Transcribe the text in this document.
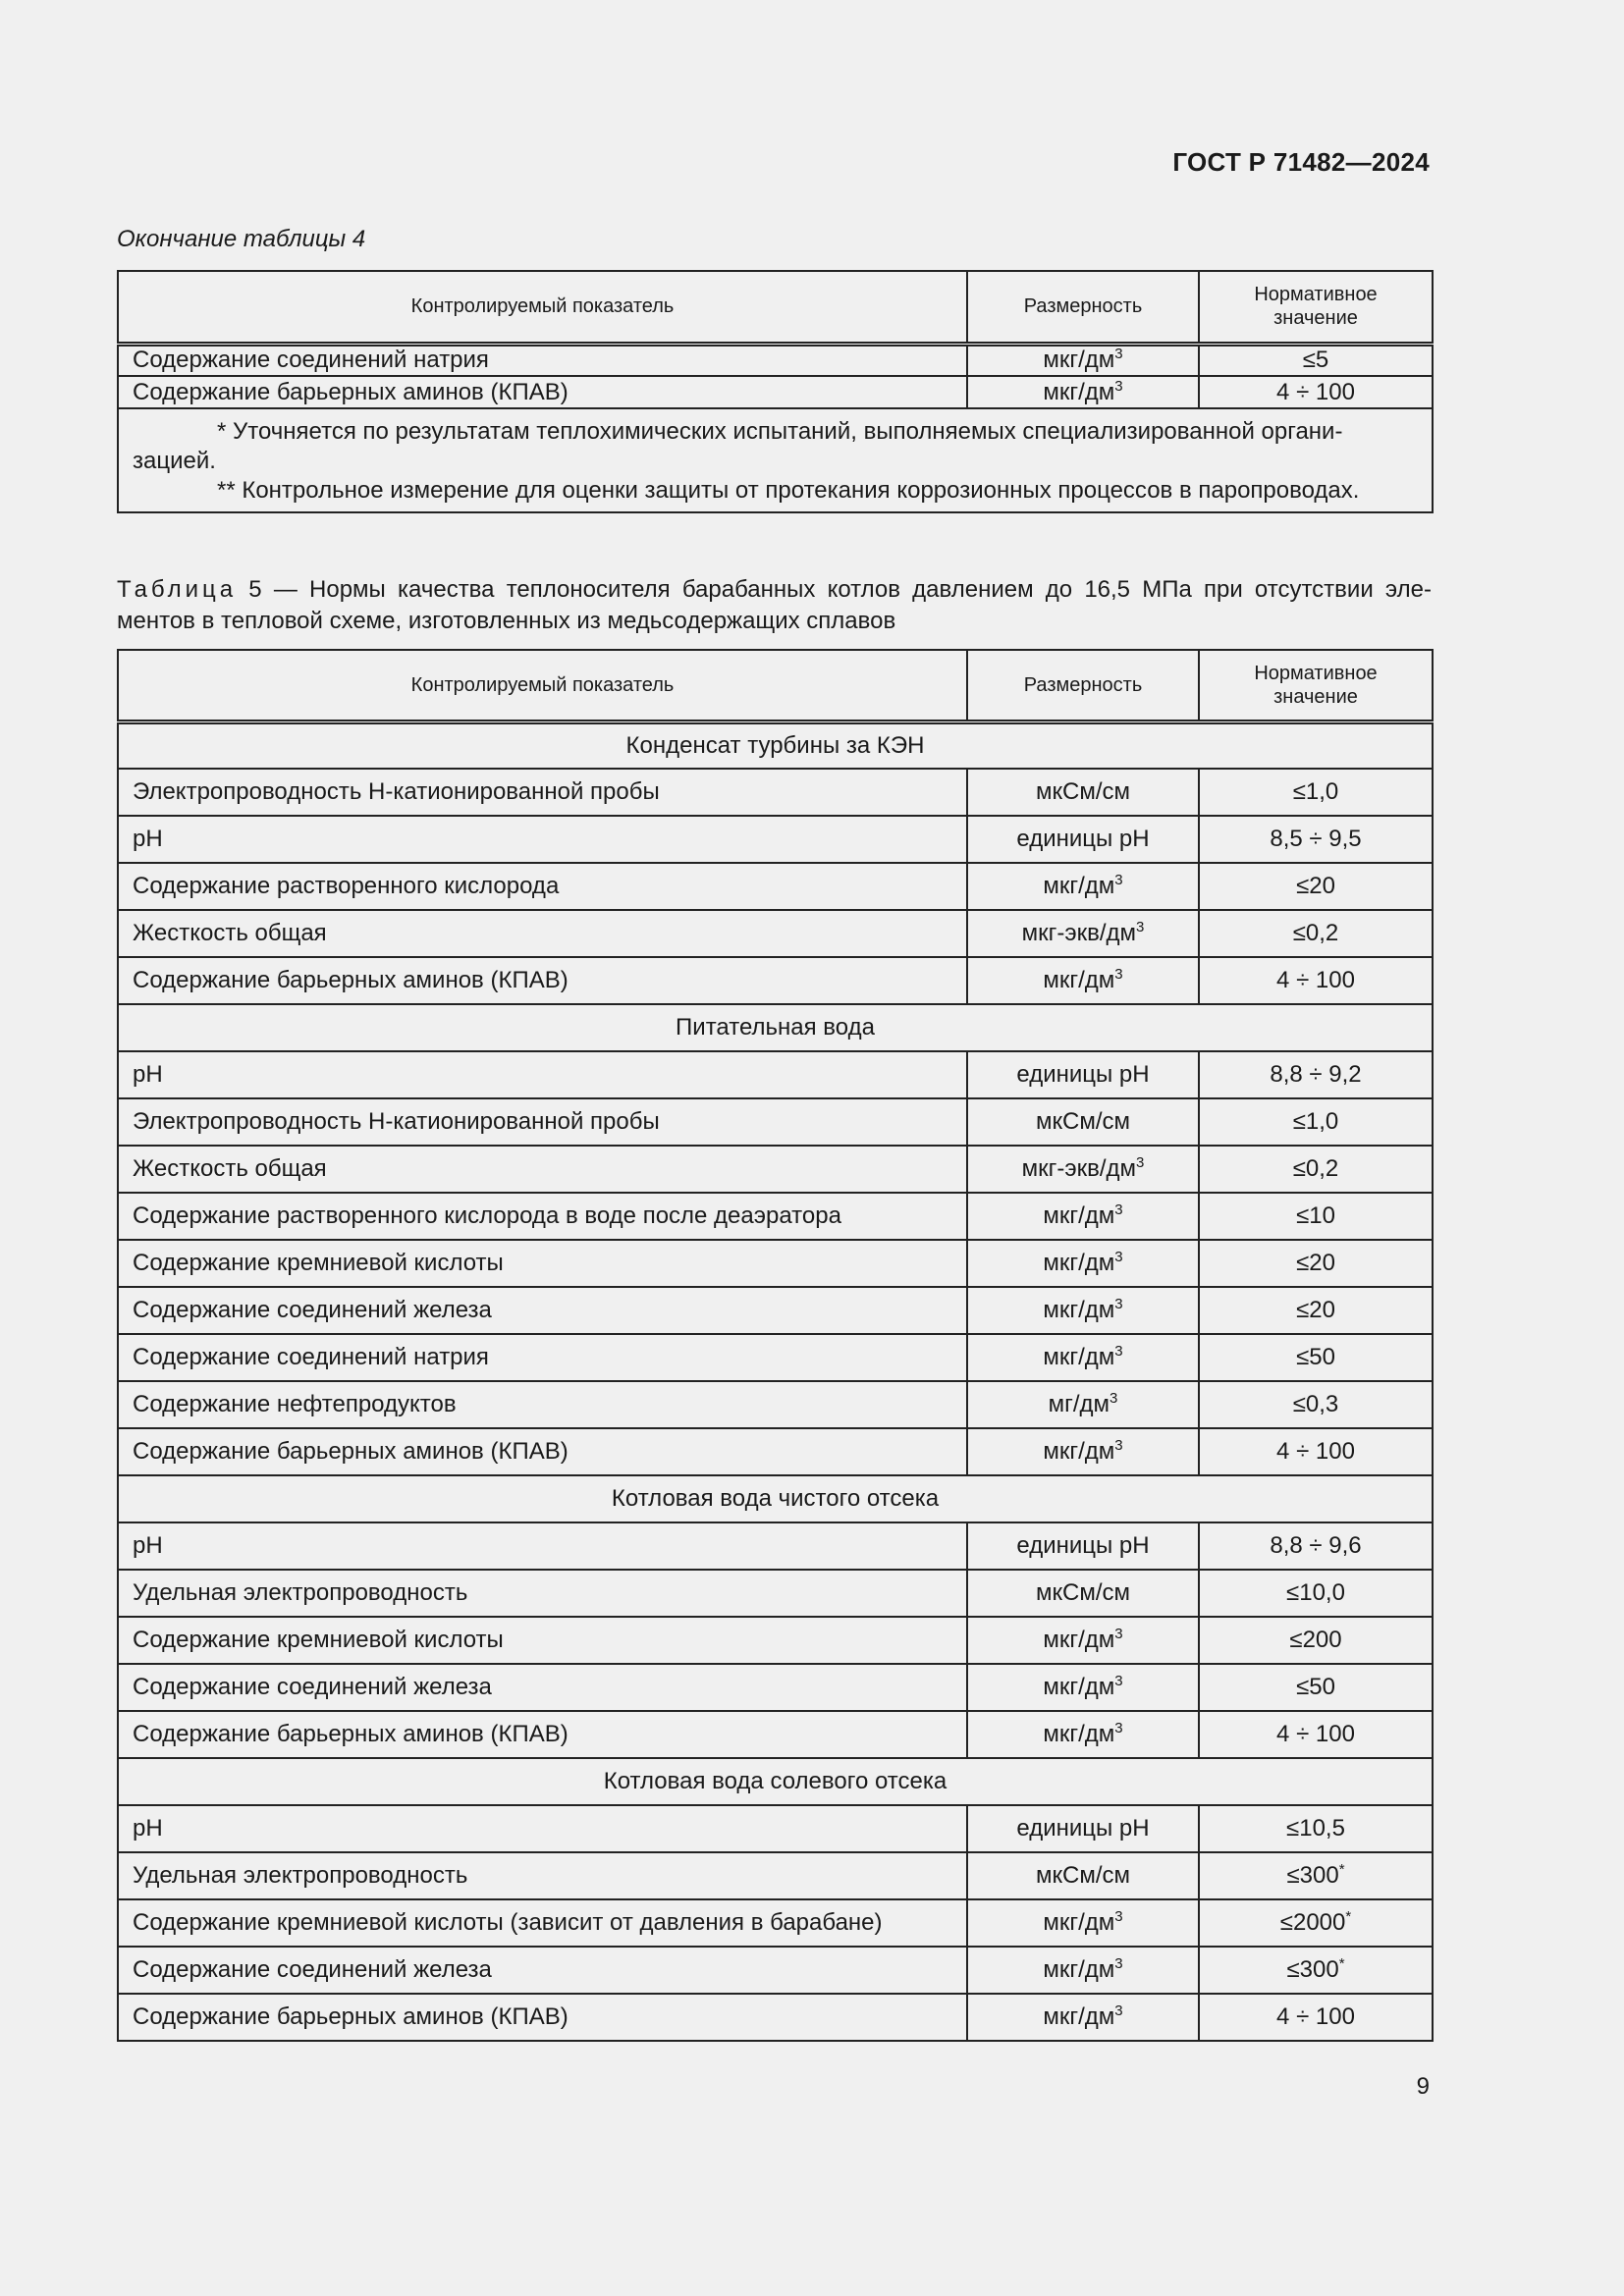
ГОСТ Р 71482—2024
Окончание таблицы 4
Контролируемый показатель	Размерность	Нормативное значение
Содержание соединений натрия	мкг/$дм^3$	≤5
Содержание барьерных аминов (КПАВ)	мкг/$дм^3$	4 ÷ 100

* Уточняется по результатам теплохимических испытаний, выполняемых специализированной органи-
зацией.
** Контрольное измерение для оценки защиты от протекания коррозионных процессов в паропроводах.		
Таблица 5 — Нормы качества теплоносителя барабанных котлов давлением до 16,5 МПа при отсутствии эле-ментов в тепловой схеме, изготовленных из медьсодержащих сплавов
Контролируемый показатель	Размерность	Нормативное значение
Конденсат турбины за КЭН		
Электропроводность Н-катионированной пробы	мкСм/см	≤1,0
pH	единицы pH	8,5 ÷ 9,5
Содержание растворенного кислорода	мкг/$дм^3$	≤20
Жесткость общая	мкг-$экв/дм^3$	≤0,2
Содержание барьерных аминов (КПАВ)	мкг/$дм^3$	4 ÷ 100
Питательная вода		
pH	единицы pH	8,8 ÷ 9,2
Электропроводность Н-катионированной пробы	мкСм/см	≤1,0
Жесткость общая	мкг-$экв/дм^3$	≤0,2
Содержание растворенного кислорода в воде после деаэратора	мкг/$дм^3$	≤10
Содержание кремниевой кислоты	мкг/$дм^3$	≤20
Содержание соединений железа	мкг/$дм^3$	≤20
Содержание соединений натрия	мкг/$дм^3$	≤50
Содержание нефтепродуктов	$мг/дм^3$	≤0,3
Содержание барьерных аминов (КПАВ)	мкг/$дм^3$	4 ÷ 100
Котловая вода чистого отсека		
pH	единицы pH	8,8 ÷ 9,6
Удельная электропроводность	мкСм/см	≤10,0
Содержание кремниевой кислоты	мкг/$дм^3$	≤200
Содержание соединений железа	мкг/$дм^3$	≤50
Содержание барьерных аминов (КПАВ)	мкг/$дм^3$	4 ÷ 100
Котловая вода солевого отсека		
pH	единицы pH	≤10,5
Удельная электропроводность	мкСм/см	≤300*
Содержание кремниевой кислоты (зависит от давления в барабане)	мкг/$дм^3$	≤2000*
Содержание соединений железа	мкг/$дм^3$	≤300*
Содержание барьерных аминов (КПАВ)	мкг/$дм^3$	4 ÷ 100
9
